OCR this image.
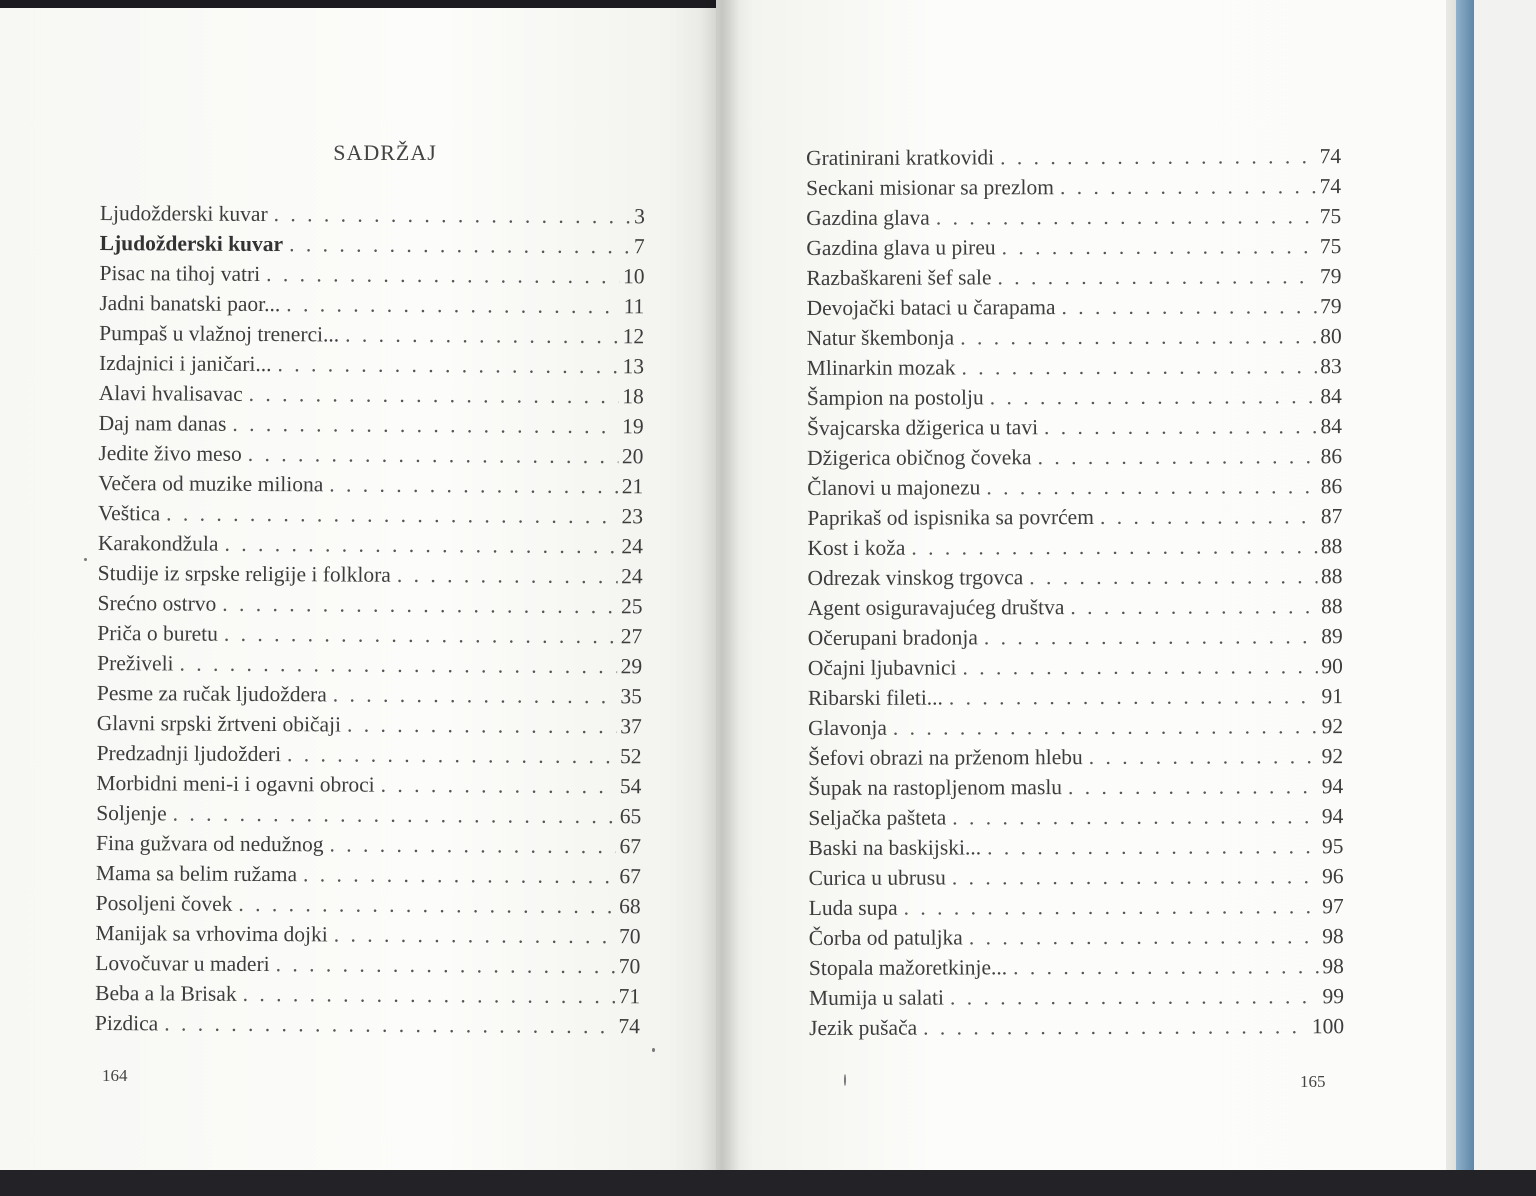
SADRŽAJ
Ljudožderski kuvar . . .	3
Ljudožderski kuvar . . .	7
Pisac na tihoj vatri . . .	10
Jadni banatski paor... . . .	11
Pumpaš u vlažnoj trenerci... . . .	12
Izdajnici i janičari... . . .	13
Alavi hvalisavac . . .	18
Daj nam danas . . .	19
Jedite živo meso . . .	20
Večera od muzike miliona . . .	21
Veštica . . .	23
Karakondžula . . .	24
Studije iz srpske religije i folklora . . .	24
Srećno ostrvo . . .	25
Priča o buretu . . .	27
Preživeli . . .	29
Pesme za ručak ljudoždera . . .	35
Glavni srpski žrtveni običaji . . .	37
Predzadnji ljudožderi . . .	52
Morbidni meni-i i ogavni obroci . . .	54
Soljenje . . .	65
Fina gužvara od nedužnog . . .	67
Mama sa belim ružama . . .	67
Posoljeni čovek . . .	68
Manijak sa vrhovima dojki . . .	70
Lovočuvar u maderi . . .	70
Beba a la Brisak . . .	71
Pizdica . . .	74
164
Gratinirani kratkovidi . . .	74
Seckani misionar sa prezlom . . .	74
Gazdina glava . . .	75
Gazdina glava u pireu . . .	75
Razbaškareni šef sale . . .	79
Devojački bataci u čarapama . . .	79
Natur škembonja . . .	80
Mlinarkin mozak . . .	83
Šampion na postolju . . .	84
Švajcarska džigerica u tavi . . .	84
Džigerica običnog čoveka . . .	86
Članovi u majonezu . . .	86
Paprikaš od ispisnika sa povrćem . . .	87
Kost i koža . . .	88
Odrezak vinskog trgovca . . .	88
Agent osiguravajućeg društva . . .	88
Očerupani bradonja . . .	89
Očajni ljubavnici . . .	90
Ribarski fileti... . . .	91
Glavonja . . .	92
Šefovi obrazi na prženom hlebu . . .	92
Šupak na rastopljenom maslu . . .	94
Seljačka pašteta . . .	94
Baski na baskijski... . . .	95
Curica u ubrusu . . .	96
Luda supa . . .	97
Čorba od patuljka . . .	98
Stopala mažoretkinje... . . .	98
Mumija u salati . . .	99
Jezik pušača . . .	100
165
